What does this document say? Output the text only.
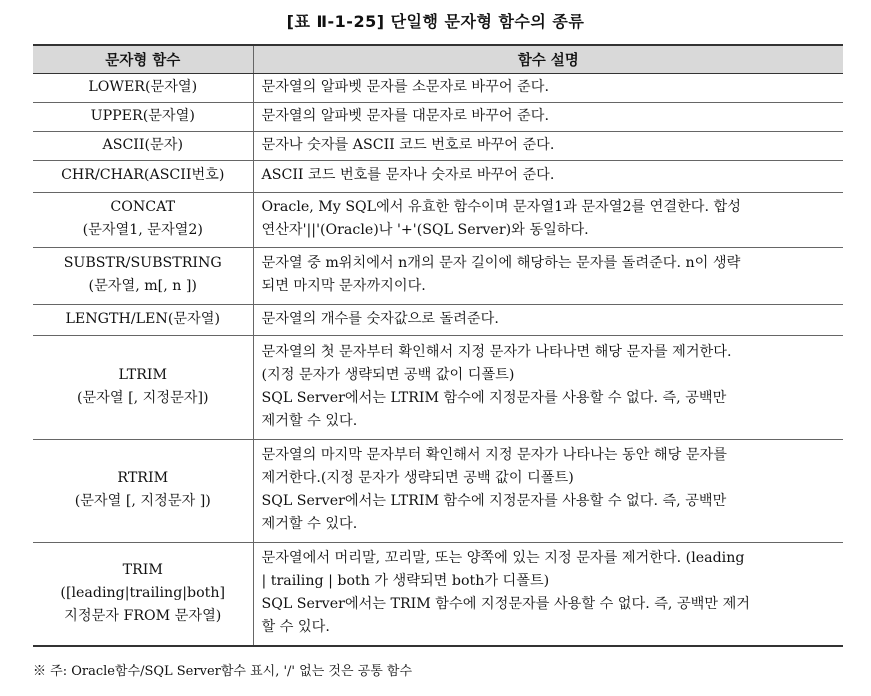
[표 Ⅱ-1-25] 단일행 문자형 함수의 종류
문자형 함수	함수 설명

LOWER(문자열)	문자열의 알파벳 문자를 소문자로 바꾸어 준다.

UPPER(문자열)	문자열의 알파벳 문자를 대문자로 바꾸어 준다.

ASCII(문자)	문자나 숫자를 ASCII 코드 번호로 바꾸어 준다.

CHR/CHAR(ASCII번호)	ASCII 코드 번호를 문자나 숫자로 바꾸어 준다.

CONCAT
(문자열1, 문자열2)	Oracle, My SQL에서 유효한 함수이며 문자열1과 문자열2를 연결한다. 합성
연산자'||'(Oracle)나 '+'(SQL Server)와 동일하다.

SUBSTR/SUBSTRING
(문자열, m[, n ])	문자열 중 m위치에서 n개의 문자 길이에 해당하는 문자를 돌려준다. n이 생략
되면 마지막 문자까지이다.

LENGTH/LEN(문자열)	문자열의 개수를 숫자값으로 돌려준다.

LTRIM
(문자열 [, 지정문자])	문자열의 첫 문자부터 확인해서 지정 문자가 나타나면 해당 문자를 제거한다.
(지정 문자가 생략되면 공백 값이 디폴트)
SQL Server에서는 LTRIM 함수에 지정문자를 사용할 수 없다. 즉, 공백만
제거할 수 있다.

RTRIM
(문자열 [, 지정문자 ])	문자열의 마지막 문자부터 확인해서 지정 문자가 나타나는 동안 해당 문자를
제거한다.(지정 문자가 생략되면 공백 값이 디폴트)
SQL Server에서는 LTRIM 함수에 지정문자를 사용할 수 없다. 즉, 공백만
제거할 수 있다.

TRIM
([leading|trailing|both]
지정문자 FROM 문자열)	문자열에서 머리말, 꼬리말, 또는 양쪽에 있는 지정 문자를 제거한다. (leading
| trailing | both 가 생략되면 both가 디폴트)
SQL Server에서는 TRIM 함수에 지정문자를 사용할 수 없다. 즉, 공백만 제거
할 수 있다.
※ 주: Oracle함수/SQL Server함수 표시, '/' 없는 것은 공통 함수
